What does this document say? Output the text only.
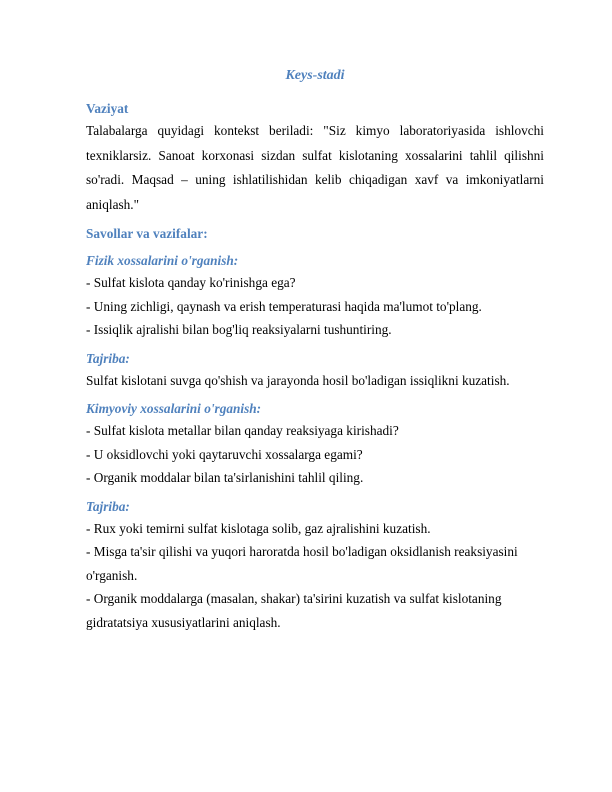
Keys-stadi

Vaziyat

Talabalarga quyidagi kontekst beriladi: "Siz kimyo laboratoriyasida ishlovchi texniklarsiz. Sanoat korxonasi sizdan sulfat kislotaning xossalarini tahlil qilishni so'radi. Maqsad – uning ishlatilishidan kelib chiqadigan xavf va imkoniyatlarni aniqlash."

Savollar va vazifalar:

Fizik xossalarini o'rganish:

- Sulfat kislota qanday ko'rinishga ega?

- Uning zichligi, qaynash va erish temperaturasi haqida ma'lumot to'plang.

- Issiqlik ajralishi bilan bog'liq reaksiyalarni tushuntiring.

Tajriba:

Sulfat kislotani suvga qo'shish va jarayonda hosil bo'ladigan issiqlikni kuzatish.

Kimyoviy xossalarini o'rganish:

- Sulfat kislota metallar bilan qanday reaksiyaga kirishadi?

- U oksidlovchi yoki qaytaruvchi xossalarga egami?

- Organik moddalar bilan ta'sirlanishini tahlil qiling.

Tajriba:

- Rux yoki temirni sulfat kislotaga solib, gaz ajralishini kuzatish.

- Misga ta'sir qilishi va yuqori haroratda hosil bo'ladigan oksidlanish reaksiyasini

o'rganish.

- Organik moddalarga (masalan, shakar) ta'sirini kuzatish va sulfat kislotaning

gidratatsiya xususiyatlarini aniqlash.
